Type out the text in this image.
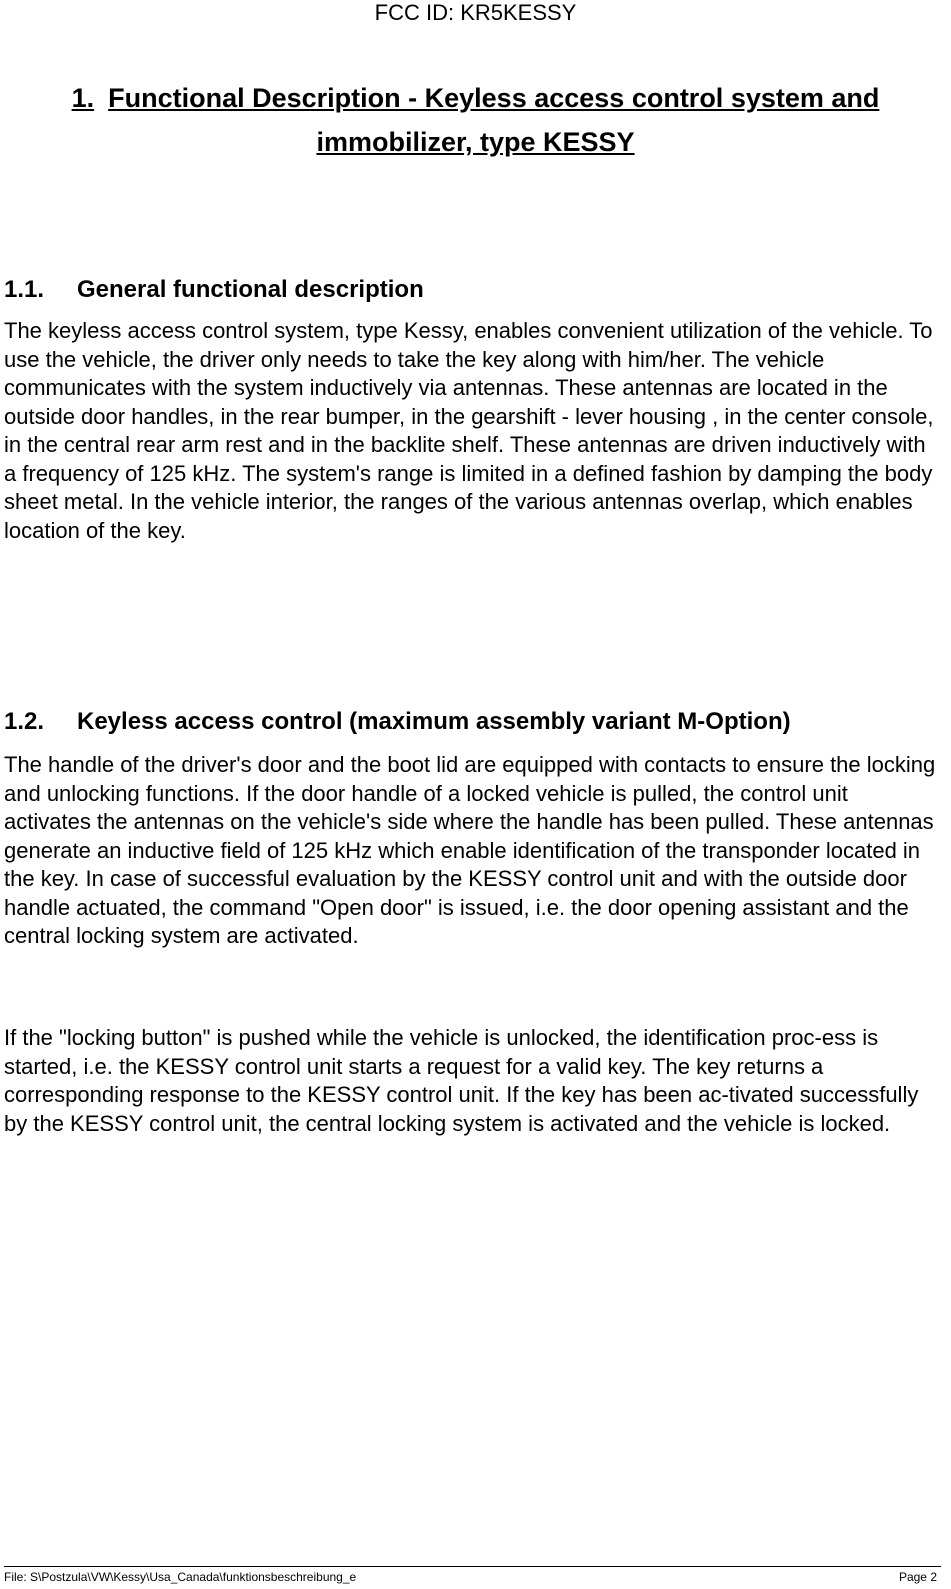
FCC ID: KR5KESSY
1. Functional Description - Keyless access control system and
immobilizer, type KESSY
1.1. General functional description

The keyless access control system, type Kessy, enables convenient utilization of the vehicle. To use the vehicle, the driver only needs to take the key along with him/her. The vehicle communicates with the system inductively via antennas. These antennas are located in the outside door handles, in the rear bumper, in the gearshift - lever housing , in the center console, in the central rear arm rest and in the backlite shelf. These antennas are driven inductively with a frequency of 125 kHz. The system's range is limited in a defined fashion by damping the body sheet metal. In the vehicle interior, the ranges of the various antennas overlap, which enables location of the key.

1.2. Keyless access control (maximum assembly variant M-Option)

The handle of the driver's door and the boot lid are equipped with contacts to ensure the locking and unlocking functions. If the door handle of a locked vehicle is pulled, the control unit activates the antennas on the vehicle's side where the handle has been pulled. These antennas generate an inductive field of 125 kHz which enable identification of the transponder located in the key. In case of successful evaluation by the KESSY control unit and with the outside door handle actuated, the command "Open door" is issued, i.e. the door opening assistant and the central locking system are activated.

If the "locking button" is pushed while the vehicle is unlocked, the identification proc-ess is started, i.e. the KESSY control unit starts a request for a valid key. The key returns a corresponding response to the KESSY control unit. If the key has been ac-tivated successfully by the KESSY control unit, the central locking system is activated and the vehicle is locked.

File: S\Postzula\VW\Kessy\Usa_Canada\funktionsbeschreibung_e	Page 2
